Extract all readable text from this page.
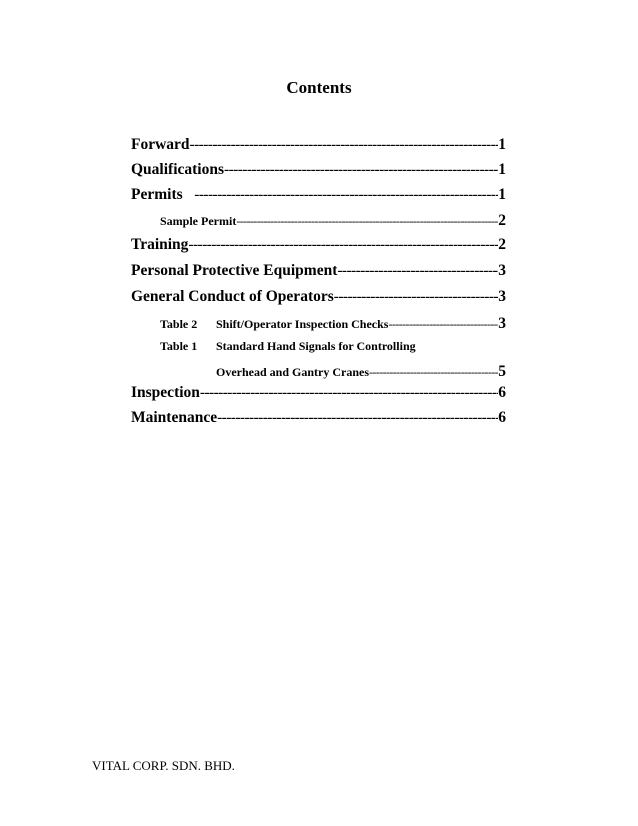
Contents
Forward -----	1
Qualifications -----	1
Permits -----	1
Sample Permit -----	2
Training -----	2
Personal Protective Equipment -----	3
General Conduct of Operators -----	3
Table 2	Shift/Operator Inspection Checks -----	3
Table 1	Standard Hand Signals for Controlling
Overhead and Gantry Cranes -----	5
Inspection -----	6
Maintenance -----	6
VITAL CORP. SDN. BHD.
